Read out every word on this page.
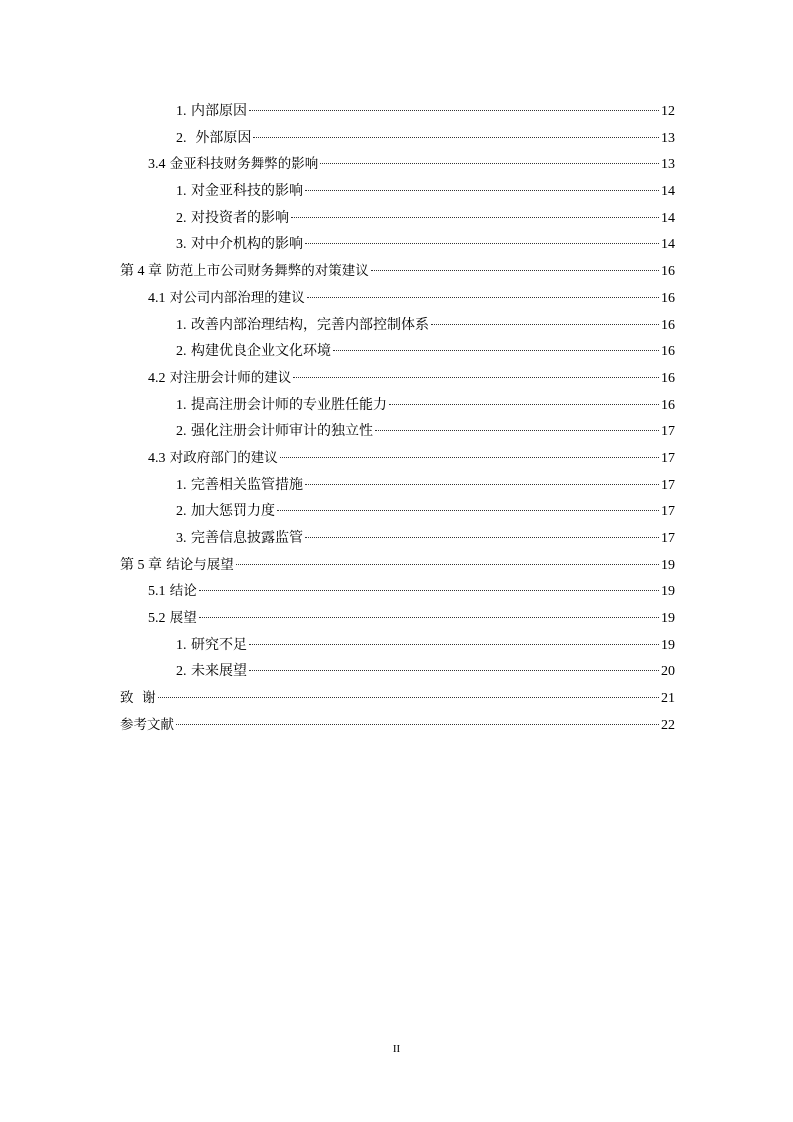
1. 内部原因	12
2.  外部原因	13
3.4 金亚科技财务舞弊的影响	13
1. 对金亚科技的影响	14
2. 对投资者的影响	14
3. 对中介机构的影响	14
第 4 章 防范上市公司财务舞弊的对策建议	16
4.1 对公司内部治理的建议	16
1. 改善内部治理结构，完善内部控制体系	16
2. 构建优良企业文化环境	16
4.2 对注册会计师的建议	16
1. 提高注册会计师的专业胜任能力	16
2. 强化注册会计师审计的独立性	17
4.3 对政府部门的建议	17
1. 完善相关监管措施	17
2. 加大惩罚力度	17
3. 完善信息披露监管	17
第 5 章 结论与展望	19
5.1 结论	19
5.2 展望	19
1. 研究不足	19
2. 未来展望	20
致  谢	21
参考文献	22
II
